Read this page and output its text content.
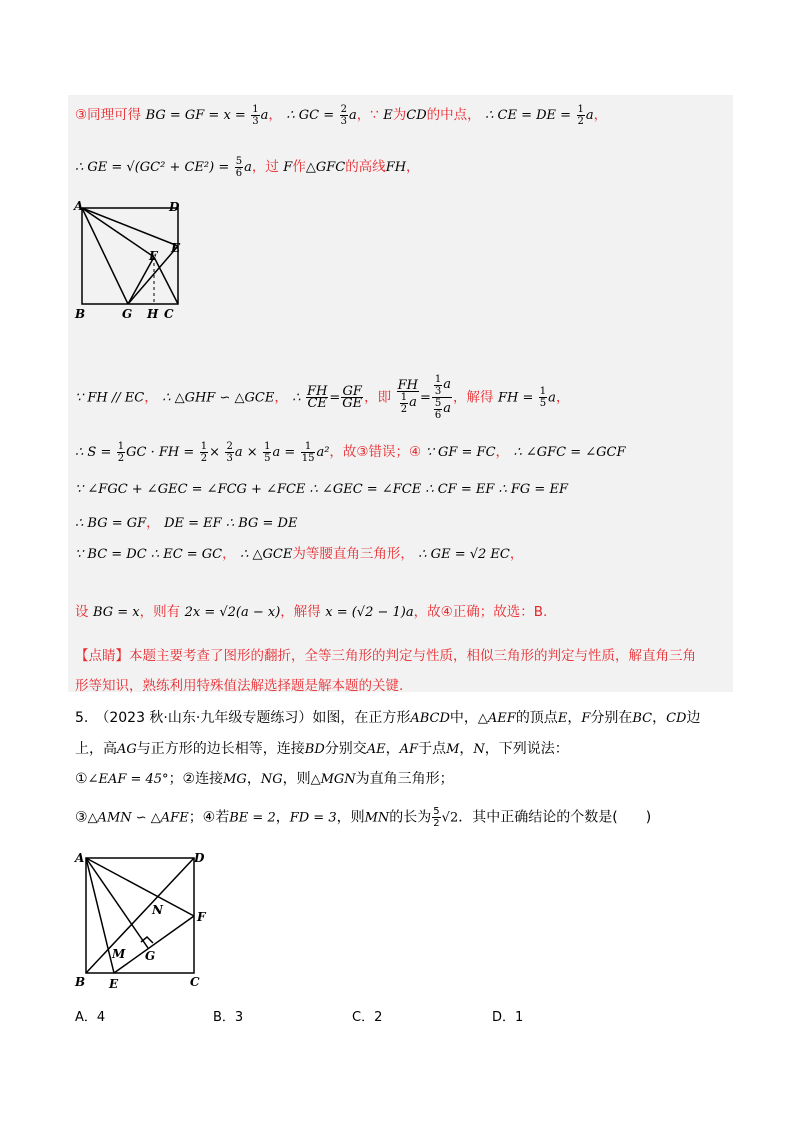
③同理可得 BG = GF = $x = \frac{1}{3}$ a， ∴ GC = $\frac{2}{3}$ a，∵ E为CD的中点， ∴ CE = DE = $\frac{1}{2}$ a，
∴ GE = $√(GC^2 + CE^2) = \frac{5}{6}$ a，过 F作△GFC的高线FH，
A	D
E
F
B	G H C
∵ FH // EC， ∴ △GHF ∽ △GCE， ∴ $\frac{FH}{CE} = \frac{GF}{GE}$ ，即 $\frac{FH}{\frac{1}{2} a} = \frac{\frac{1}{3} a}{\frac{5}{6} a}$ ，解得 FH = $\frac{1}{5}$ a，
∴ $S = \frac{1}{2}$ GC · FH = $\frac{1}{2} \times \frac{2}{3}$ $a \times \frac{1}{5}$ $a = \frac{1}{15} a^2$，故③错误；④ ∵ GF = FC， ∴ ∠GFC = ∠GCF
∵ ∠FGC + ∠GEC = ∠FCG + ∠FCE ∴ ∠GEC = ∠FCE ∴ CF = EF ∴ FG = EF
∴ BG = GF， DE = EF ∴ BG = DE
∵ BC = DC ∴ EC = GC， ∴ △GCE为等腰直角三角形， ∴ GE = √2 EC，
设 BG = x，则有 2x = √2(a − x)，解得 x = (√2 − 1)a，故④正确；故选：B.
【点睛】本题主要考查了图形的翻折，全等三角形的判定与性质，相似三角形的判定与性质，解直角三角
形等知识，熟练利用特殊值法解选择题是解本题的关键.
5.　（2023 秋·山东·九年级专题练习）如图，在正方形ABCD中，△AEF的顶点E，F分别在BC，CD边
上，高AG与正方形的边长相等，连接BD分别交AE，AF于点M，N，下列说法：
①∠EAF = 45°；②连接MG，NG，则△MGN为直角三角形；
③△AMN ∽ △AFE；④若BE = 2，FD = 3，则MN的长为 $\frac{5}{2} √2$．其中正确结论的个数是(　　)
A	D
F
N
M G
B E	C
A．4	B．3	C．2	D．1
